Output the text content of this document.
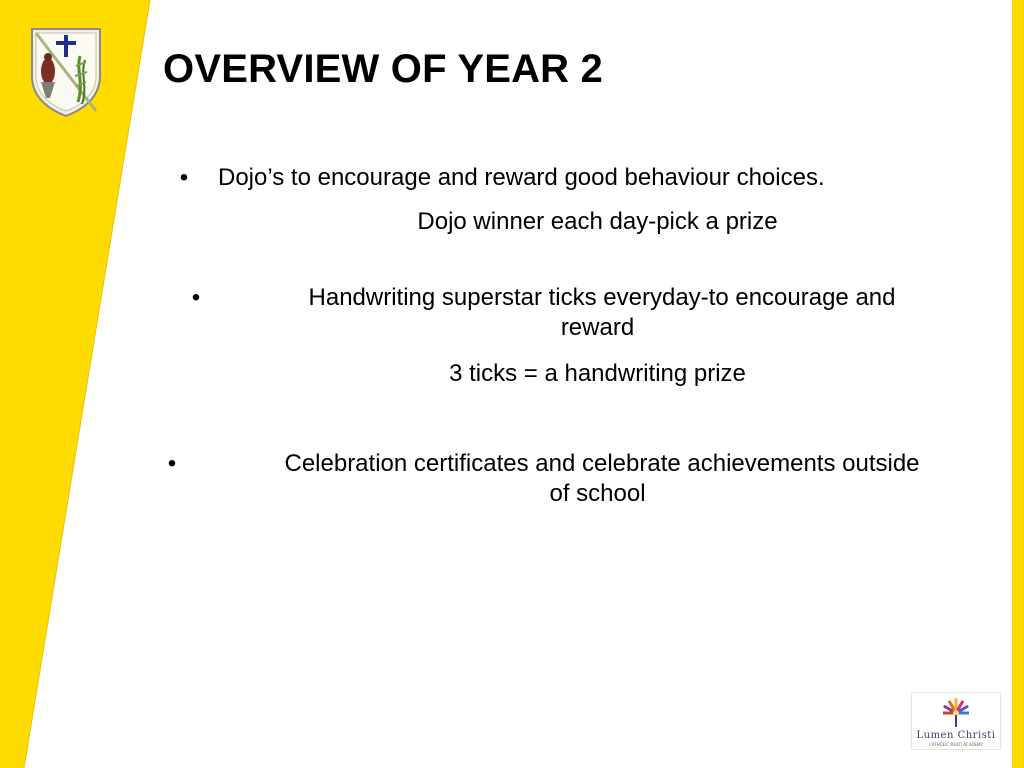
OVERVIEW OF YEAR 2
• Dojo’s to encourage and reward good behaviour choices.
Dojo winner each day-pick a prize
•	Handwriting superstar ticks everyday-to encourage and
reward
3 ticks = a handwriting prize
•	Celebration certificates and celebrate achievements outside
of school
Lumen Christi
CATHOLIC MULTI ACADEMY
